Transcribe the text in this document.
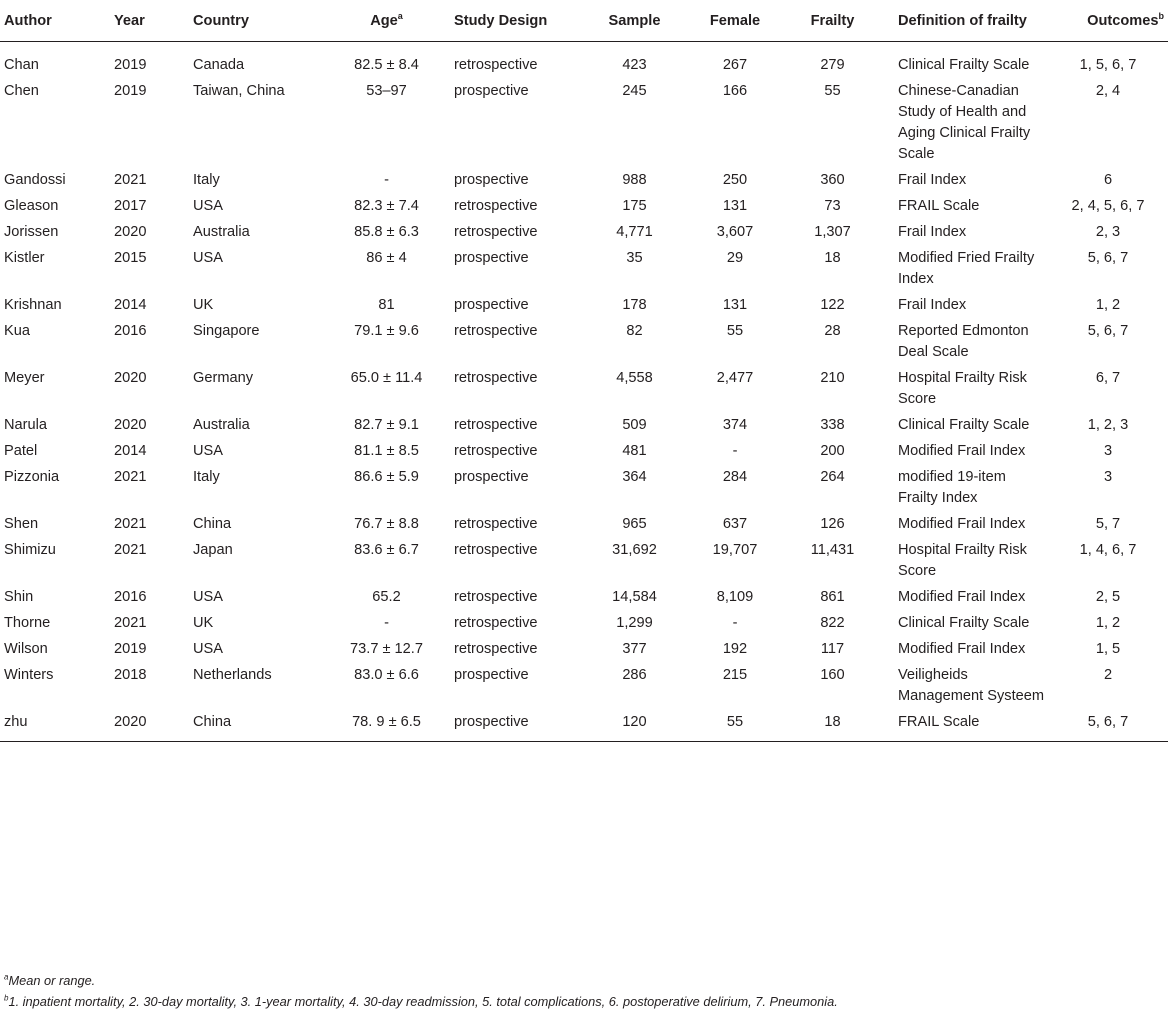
Author	Year	Country	Age$^a$	Study Design	Sample	Female	Frailty	Definition of frailty	Outcomes$^b$
Chan	2019	Canada	82.5 ± 8.4	retrospective	423	267	279	Clinical Frailty Scale	1, 5, 6, 7
Chen	2019	Taiwan, China	53–97	prospective	245	166	55	Chinese-Canadian Study of Health and Aging Clinical Frailty Scale	2, 4
Gandossi	2021	Italy	-	prospective	988	250	360	Frail Index	6
Gleason	2017	USA	82.3 ± 7.4	retrospective	175	131	73	FRAIL Scale	2, 4, 5, 6, 7
Jorissen	2020	Australia	85.8 ± 6.3	retrospective	4,771	3,607	1,307	Frail Index	2, 3
Kistler	2015	USA	86 ± 4	prospective	35	29	18	Modified Fried Frailty Index	5, 6, 7
Krishnan	2014	UK	81	prospective	178	131	122	Frail Index	1, 2
Kua	2016	Singapore	79.1 ± 9.6	retrospective	82	55	28	Reported Edmonton Deal Scale	5, 6, 7
Meyer	2020	Germany	65.0 ± 11.4	retrospective	4,558	2,477	210	Hospital Frailty Risk Score	6, 7
Narula	2020	Australia	82.7 ± 9.1	retrospective	509	374	338	Clinical Frailty Scale	1, 2, 3
Patel	2014	USA	81.1 ± 8.5	retrospective	481	-	200	Modified Frail Index	3
Pizzonia	2021	Italy	86.6 ± 5.9	prospective	364	284	264	modified 19-item Frailty Index	3
Shen	2021	China	76.7 ± 8.8	retrospective	965	637	126	Modified Frail Index	5, 7
Shimizu	2021	Japan	83.6 ± 6.7	retrospective	31,692	19,707	11,431	Hospital Frailty Risk Score	1, 4, 6, 7
Shin	2016	USA	65.2	retrospective	14,584	8,109	861	Modified Frail Index	2, 5
Thorne	2021	UK	-	retrospective	1,299	-	822	Clinical Frailty Scale	1, 2
Wilson	2019	USA	73.7 ± 12.7	retrospective	377	192	117	Modified Frail Index	1, 5
Winters	2018	Netherlands	83.0 ± 6.6	prospective	286	215	160	Veiligheids Management Systeem	2
zhu	2020	China	78. 9 ± 6.5	prospective	120	55	18	FRAIL Scale	5, 6, 7
$^a$Mean or range.
$^b$1. inpatient mortality, 2. 30-day mortality, 3. 1-year mortality, 4. 30-day readmission, 5. total complications, 6. postoperative delirium, 7. Pneumonia.
